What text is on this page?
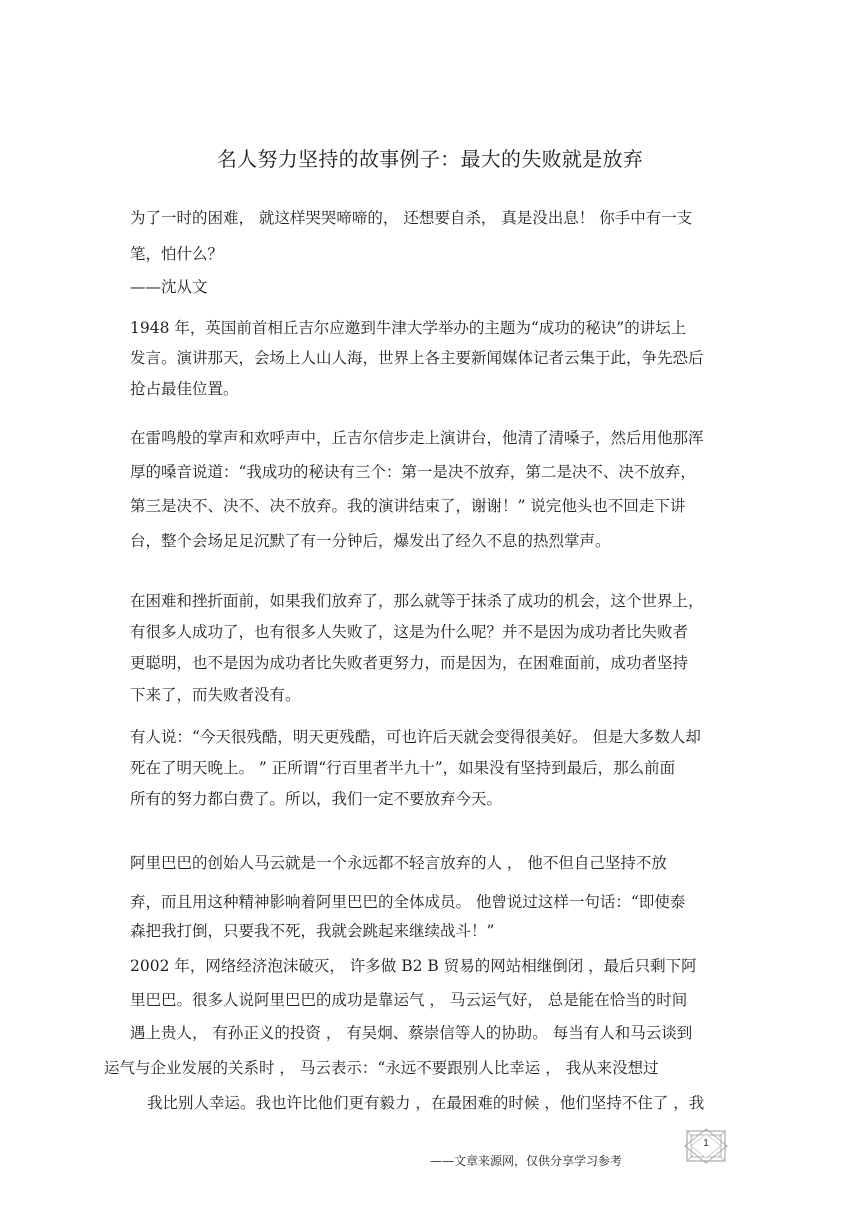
名人努力坚持的故事例子：最大的失败就是放弃
为了一时的困难， 就这样哭哭啼啼的， 还想要自杀， 真是没出息！ 你手中有一支
笔，怕什么？
——沈从文
1948 年，英国前首相丘吉尔应邀到牛津大学举办的主题为“成功的秘诀”的讲坛上
发言。演讲那天，会场上人山人海，世界上各主要新闻媒体记者云集于此，争先恐后
抢占最佳位置。
在雷鸣般的掌声和欢呼声中，丘吉尔信步走上演讲台，他清了清嗓子，然后用他那浑
厚的嗓音说道：“我成功的秘诀有三个：第一是决不放弃，第二是决不、决不放弃，
第三是决不、决不、决不放弃。我的演讲结束了，谢谢！” 说完他头也不回走下讲
台，整个会场足足沉默了有一分钟后，爆发出了经久不息的热烈掌声。
在困难和挫折面前，如果我们放弃了，那么就等于抹杀了成功的机会，这个世界上，
有很多人成功了，也有很多人失败了，这是为什么呢？并不是因为成功者比失败者
更聪明，也不是因为成功者比失败者更努力，而是因为，在困难面前，成功者坚持
下来了，而失败者没有。
有人说：“今天很残酷，明天更残酷，可也许后天就会变得很美好。 但是大多数人却
死在了明天晚上。 ” 正所谓“行百里者半九十”，如果没有坚持到最后，那么前面
所有的努力都白费了。所以，我们一定不要放弃今天。
阿里巴巴的创始人马云就是一个永远都不轻言放弃的人 ， 他不但自己坚持不放
弃，而且用这种精神影响着阿里巴巴的全体成员。 他曾说过这样一句话：“即使泰
森把我打倒，只要我不死，我就会跳起来继续战斗！”
2002 年，网络经济泡沫破灭， 许多做 B2 B 贸易的网站相继倒闭 ，最后只剩下阿
里巴巴。很多人说阿里巴巴的成功是靠运气 ， 马云运气好， 总是能在恰当的时间
遇上贵人， 有孙正义的投资 ， 有吴炯、蔡崇信等人的协助。 每当有人和马云谈到
运气与企业发展的关系时 ， 马云表示：“永远不要跟别人比幸运 ， 我从来没想过
我比别人幸运。我也许比他们更有毅力 ，在最困难的时候 ，他们坚持不住了 ，我
——文章来源网，仅供分享学习参考
1
